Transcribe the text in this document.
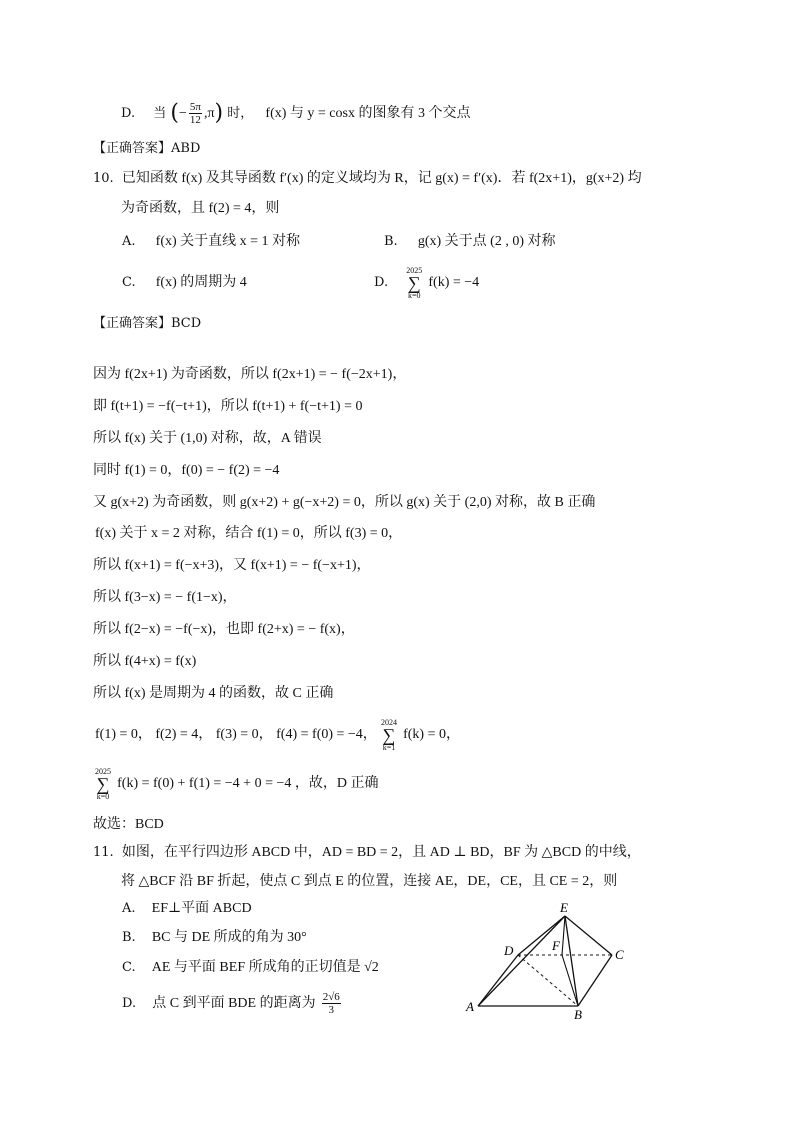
D. 当 (− $\frac{5\pi}{12} ,\pi$) 时， f(x) 与 y = cosx 的图象有 3 个交点
【正确答案】ABD
10. 已知函数 f(x) 及其导函数 f′(x) 的定义域均为 R，记 g(x) = f′(x)．若 f(2x+1)，g(x+2) 均
为奇函数，且 f(2) = 4，则
A. f(x) 关于直线 x = 1 对称	B. g(x) 关于点 (2 , 0) 对称
C. f(x) 的周期为 4	D.
2025
∑
k=0
f(k) = −4
【正确答案】BCD
因为 f(2x+1) 为奇函数，所以 f(2x+1) = − f(−2x+1)，
即 f(t+1) = −f(−t+1)，所以 f(t+1) + f(−t+1) = 0
所以 f(x) 关于 (1,0) 对称，故，A 错误
同时 f(1) = 0，f(0) = − f(2) = −4
又 g(x+2) 为奇函数，则 g(x+2) + g(−x+2) = 0，所以 g(x) 关于 (2,0) 对称，故 B 正确
f(x) 关于 x = 2 对称，结合 f(1) = 0，所以 f(3) = 0，
所以 f(x+1) = f(−x+3)，又 f(x+1) = − f(−x+1)，
所以 f(3−x) = − f(1−x)，
所以 f(2−x) = −f(−x)，也即 f(2+x) = − f(x)，
所以 f(4+x) = f(x)
所以 f(x) 是周期为 4 的函数，故 C 正确
f(1) = 0， f(2) = 4， f(3) = 0， f(4) = f(0) = −4，
2024
∑
k=1
f(k) = 0，
2025
∑
k=0
f(k) = f(0) + f(1) = −4 + 0 = −4 ，故，D 正确
故选：BCD
11. 如图，在平行四边形 ABCD 中，AD = BD = 2，且 AD ⊥ BD，BF 为 △BCD 的中线，
将 △BCF 沿 BF 折起，使点 C 到点 E 的位置，连接 AE，DE，CE，且 CE = 2，则
A. EF⊥平面 ABCD
B. BC 与 DE 所成的角为 30°
C. AE 与平面 BEF 所成角的正切值是 √2
D. 点 C 到平面 BDE 的距离为 $\frac{2√6}{3}$
E
D	F
C
A
B
